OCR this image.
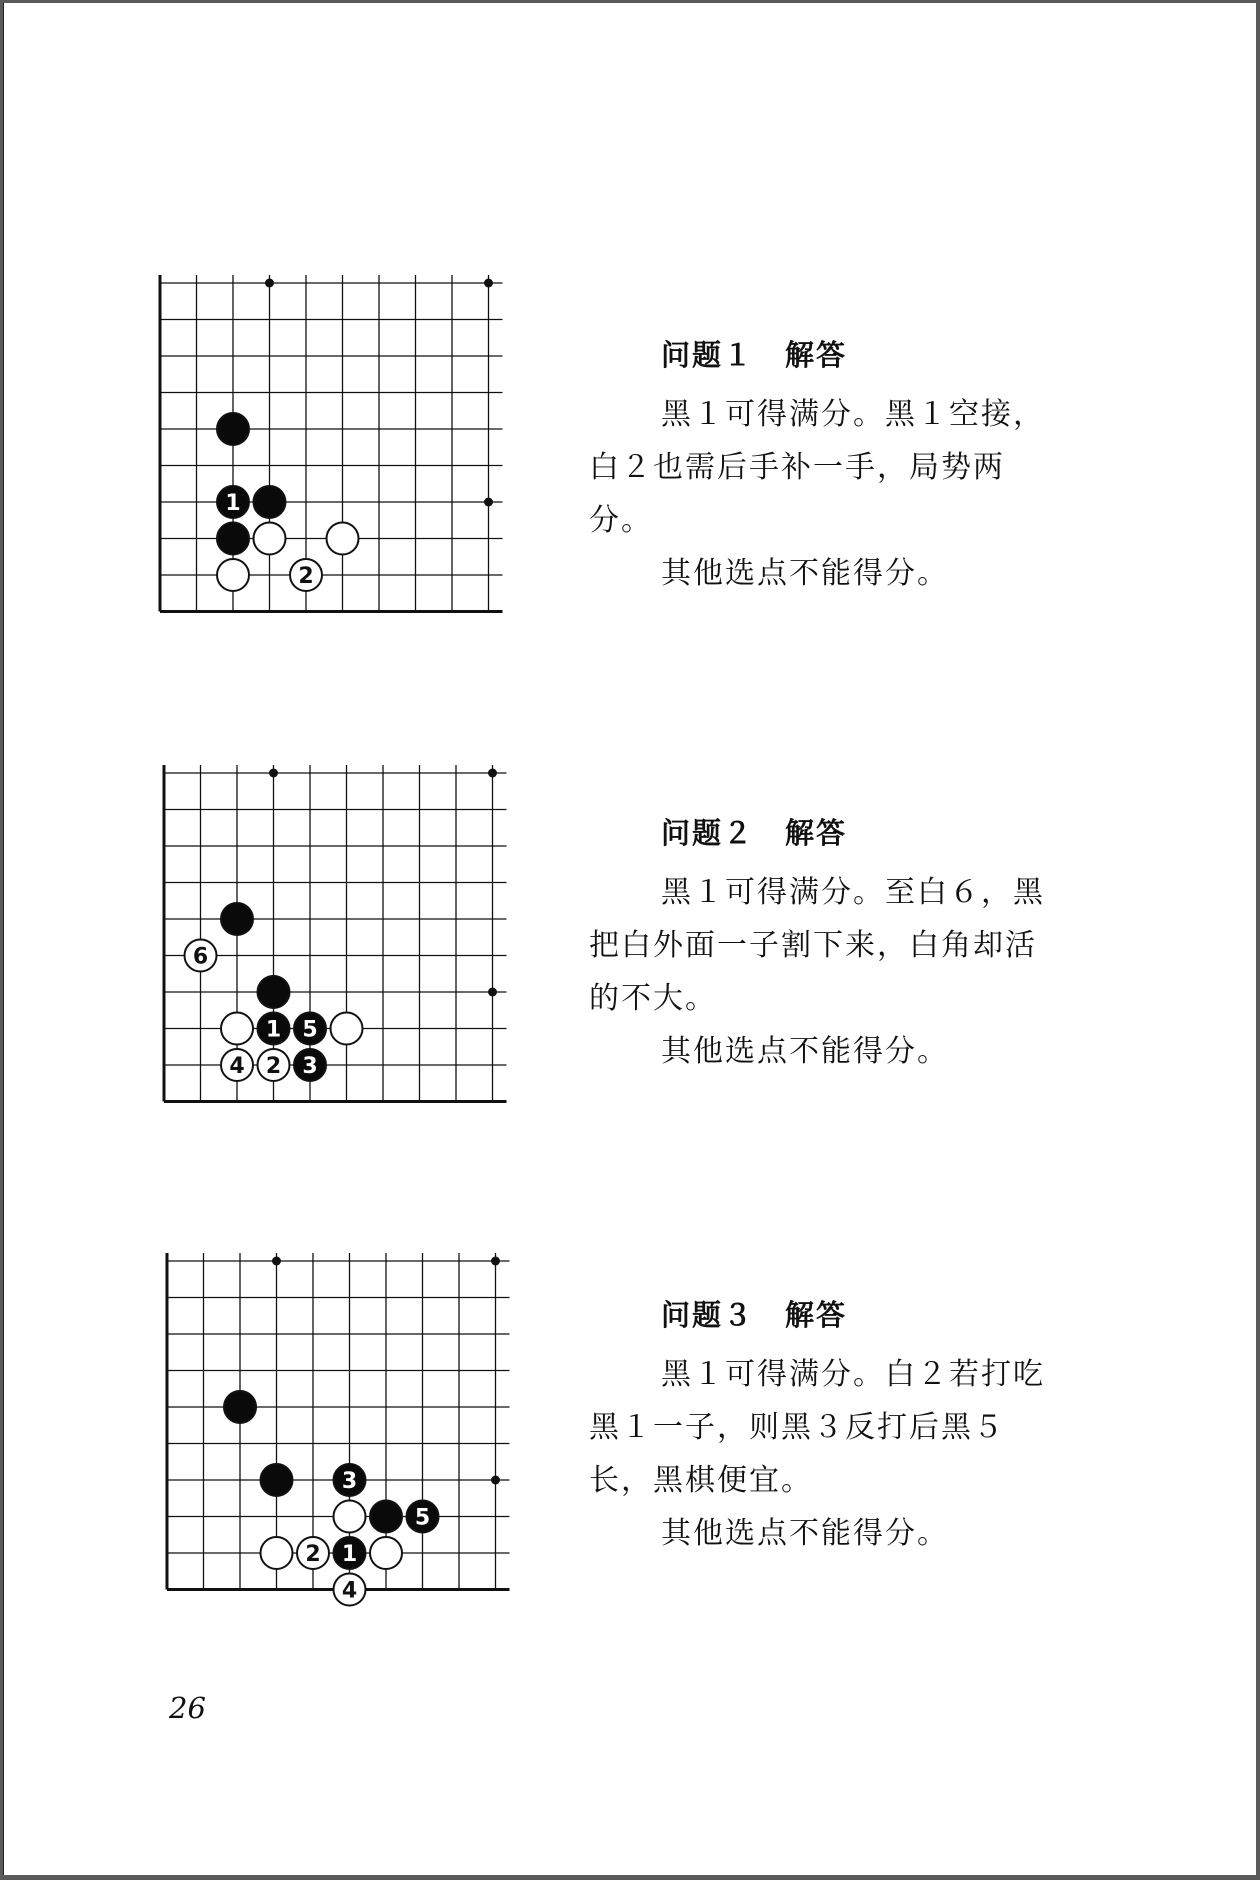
1
2
问题１　解答

黑１可得满分。黑１空接，白２也需后手补一手，局势两分。

其他选点不能得分。

6
1 5
4 2 3
问题２　解答

黑１可得满分。至白６，黑把白外面一子割下来，白角却活的不大。

其他选点不能得分。

3
5
2 1
4
问题３　解答

黑１可得满分。白２若打吃黑１一子，则黑３反打后黑５长，黑棋便宜。

其他选点不能得分。

26
